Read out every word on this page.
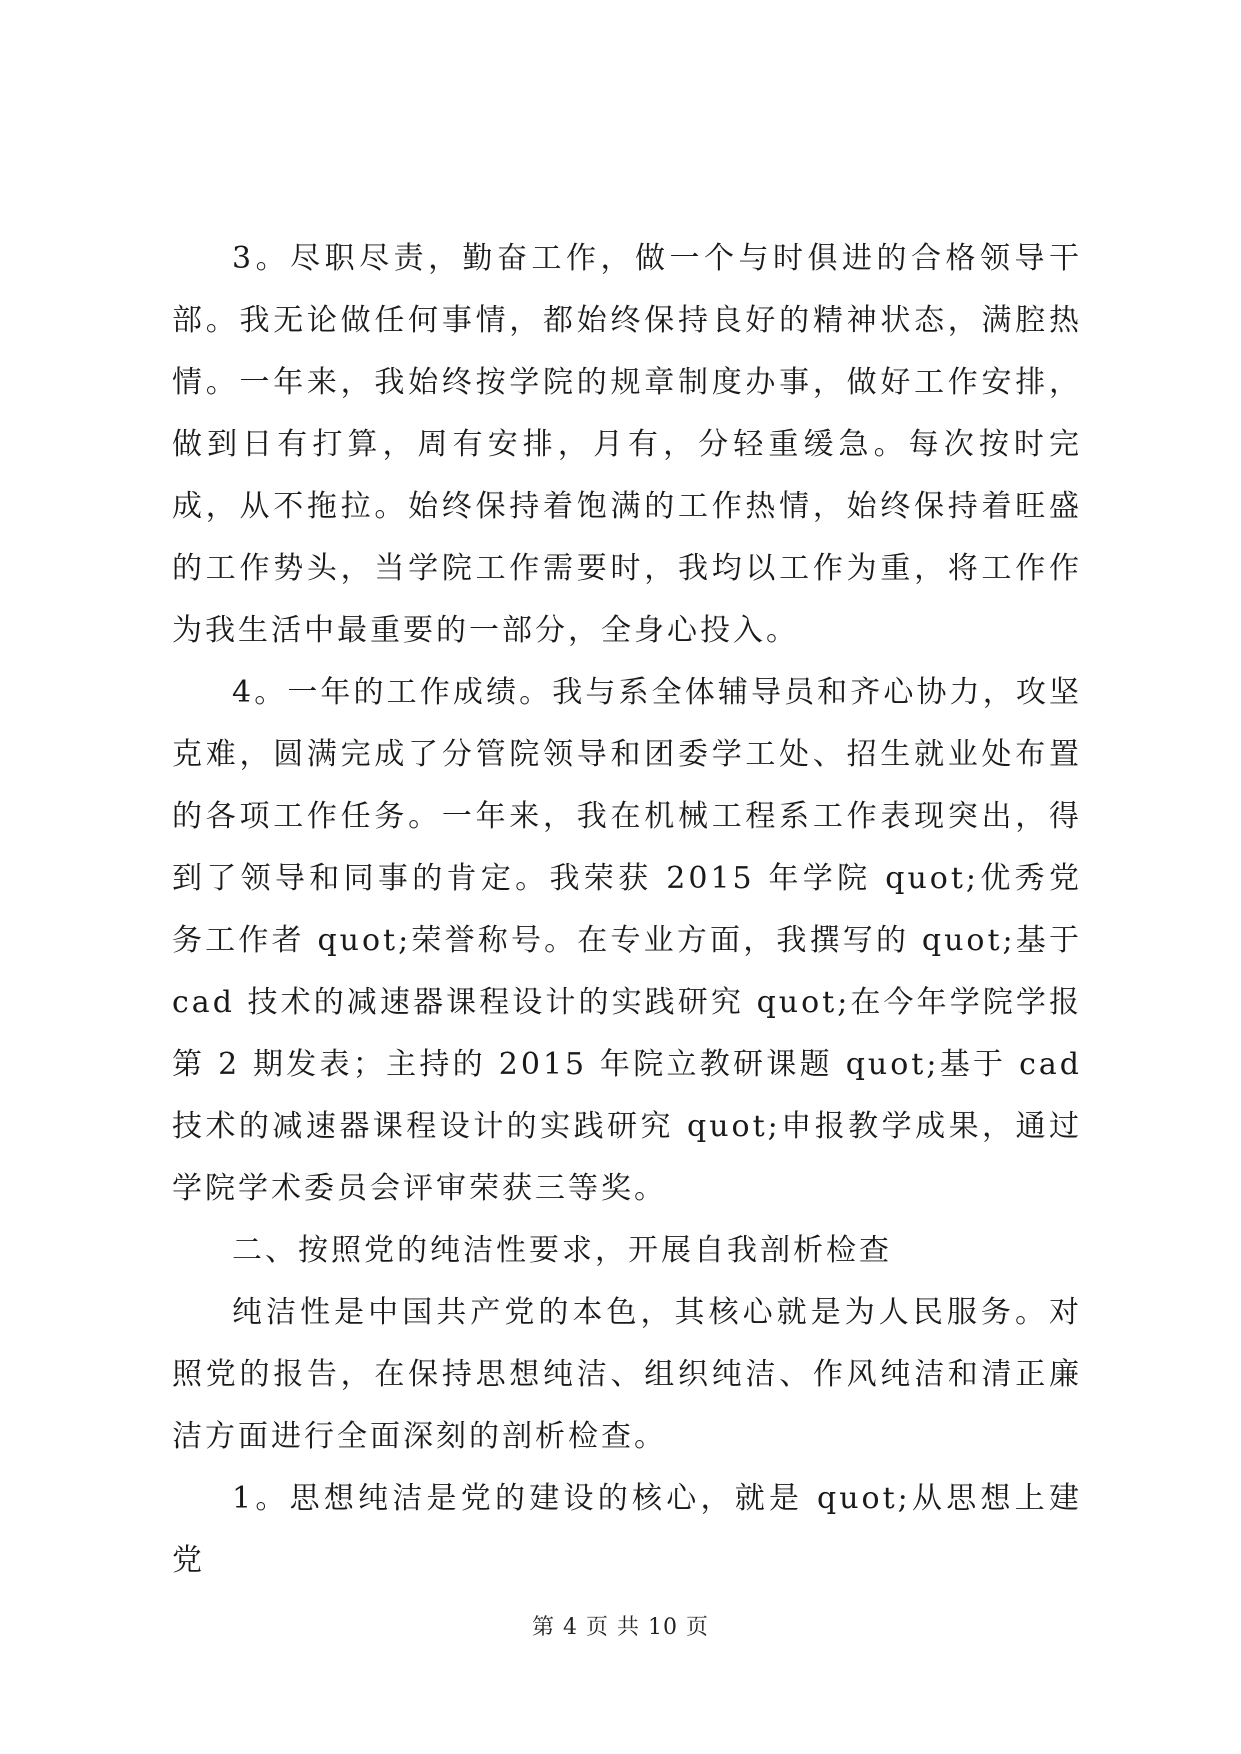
3。尽职尽责，勤奋工作，做一个与时俱进的合格领导干部。我无论做任何事情，都始终保持良好的精神状态，满腔热情。一年来，我始终按学院的规章制度办事，做好工作安排，做到日有打算，周有安排，月有，分轻重缓急。每次按时完成，从不拖拉。始终保持着饱满的工作热情，始终保持着旺盛的工作势头，当学院工作需要时，我均以工作为重，将工作作为我生活中最重要的一部分，全身心投入。

4。一年的工作成绩。我与系全体辅导员和齐心协力，攻坚克难，圆满完成了分管院领导和团委学工处、招生就业处布置的各项工作任务。一年来，我在机械工程系工作表现突出，得到了领导和同事的肯定。我荣获 2015 年学院 quot;优秀党务工作者 quot;荣誉称号。在专业方面，我撰写的 quot;基于 cad 技术的减速器课程设计的实践研究 quot;在今年学院学报第 2 期发表；主持的 2015 年院立教研课题 quot;基于 cad 技术的减速器课程设计的实践研究 quot;申报教学成果，通过学院学术委员会评审荣获三等奖。

二、按照党的纯洁性要求，开展自我剖析检查

纯洁性是中国共产党的本色，其核心就是为人民服务。对照党的报告，在保持思想纯洁、组织纯洁、作风纯洁和清正廉洁方面进行全面深刻的剖析检查。

1。思想纯洁是党的建设的核心，就是 quot;从思想上建党

第 4 页 共 10 页
